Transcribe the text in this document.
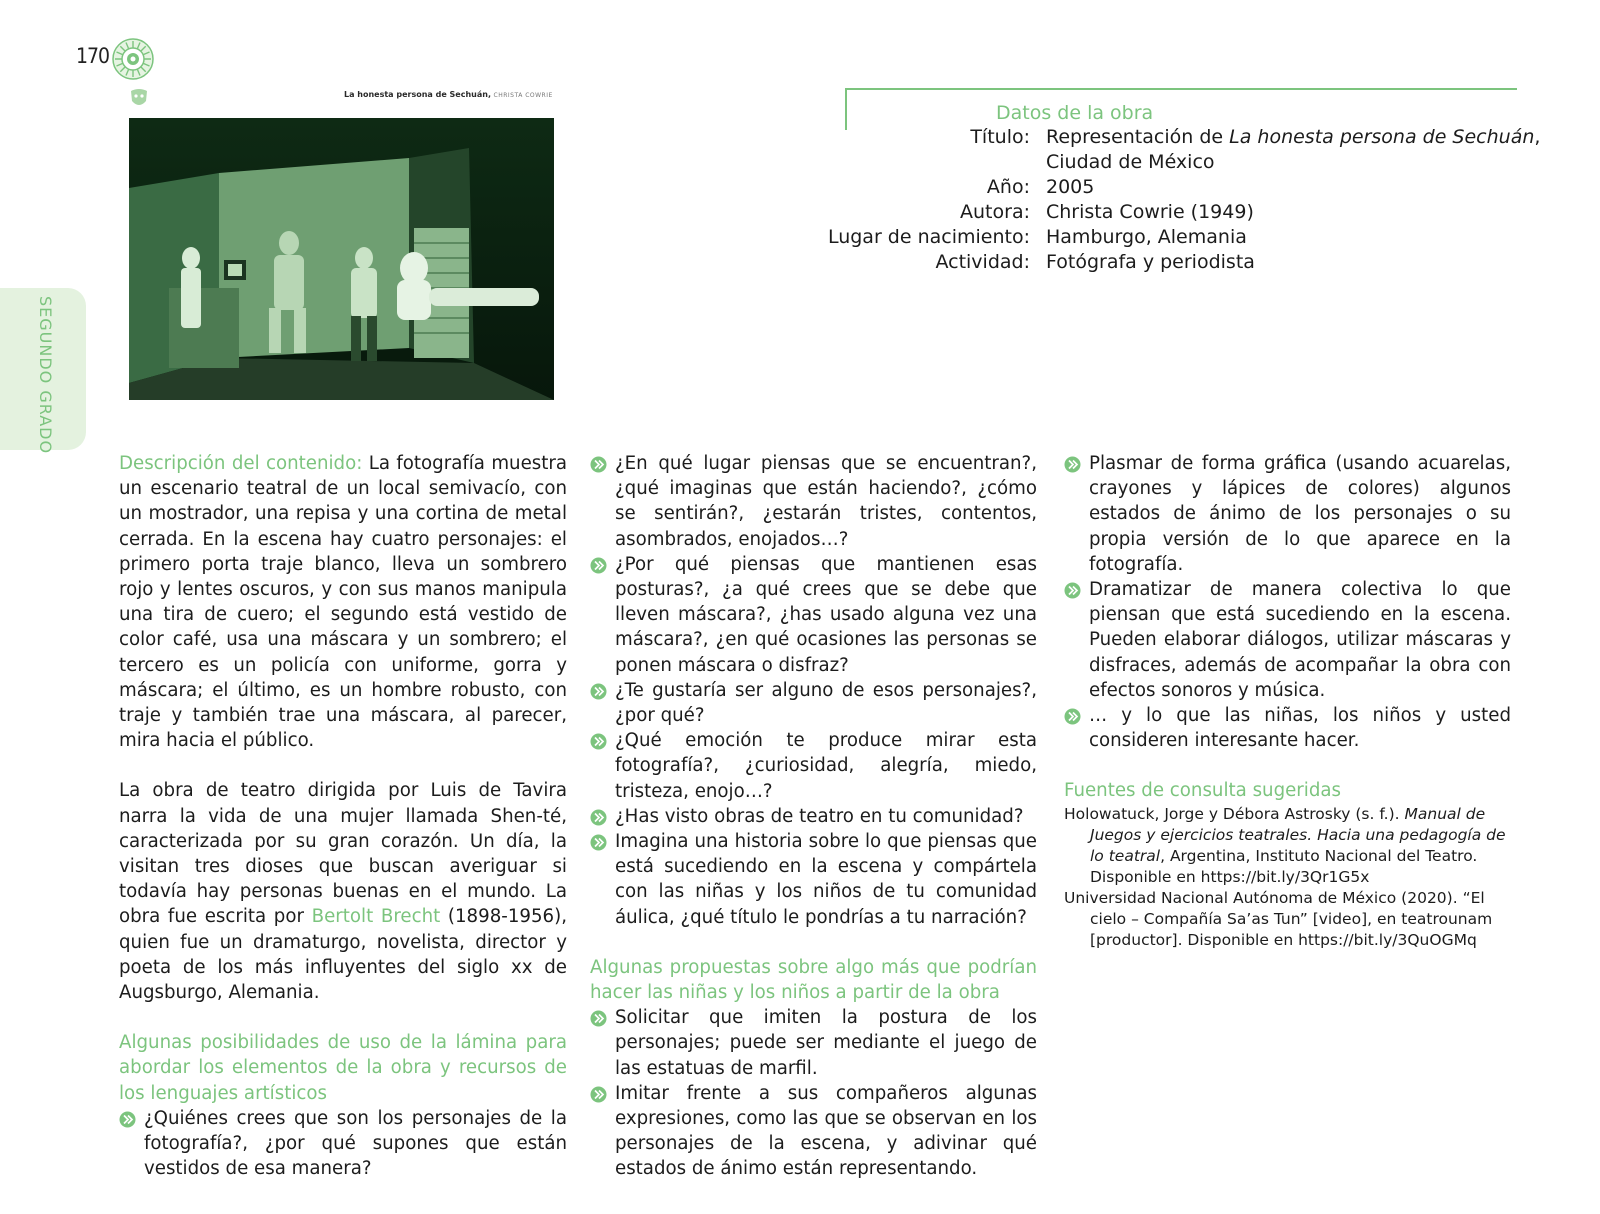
170
SEGUNDO GRADO
La honesta persona de Sechuán, CHRISTA COWRIE
Datos de la obra
Título: Representación de La honesta persona de Sechuán,
Ciudad de México
Año: 2005
Autora: Christa Cowrie (1949)
Lugar de nacimiento: Hamburgo, Alemania
Actividad: Fotógrafa y periodista

Descripción del contenido: La fotografía muestra un escenario teatral de un local semivacío, con un mostrador, una repisa y una cortina de metal cerrada. En la escena hay cuatro personajes: el primero porta traje blanco, lleva un sombrero rojo y lentes oscuros, y con sus manos manipula una tira de cuero; el segundo está vestido de color café, usa una máscara y un sombrero; el tercero es un policía con uniforme, gorra y máscara; el último, es un hombre robusto, con traje y también trae una máscara, al parecer, mira hacia el público.

La obra de teatro dirigida por Luis de Tavira narra la vida de una mujer llamada Shen-té, caracterizada por su gran corazón. Un día, la visitan tres dioses que buscan averiguar si todavía hay personas buenas en el mundo. La obra fue escrita por Bertolt Brecht (1898-1956), quien fue un dramaturgo, novelista, director y poeta de los más influyentes del siglo xx de Augsburgo, Alemania.

Algunas posibilidades de uso de la lámina para abordar los elementos de la obra y recursos de los lenguajes artísticos

¿Quiénes crees que son los personajes de la fotografía?, ¿por qué supones que están vestidos de esa manera?
¿En qué lugar piensas que se encuentran?, ¿qué imaginas que están haciendo?, ¿cómo se sentirán?, ¿estarán tristes, contentos, asombrados, enojados…?
¿Por qué piensas que mantienen esas posturas?, ¿a qué crees que se debe que lleven máscara?, ¿has usado alguna vez una máscara?, ¿en qué ocasiones las personas se ponen máscara o disfraz?
¿Te gustaría ser alguno de esos personajes?, ¿por qué?
¿Qué emoción te produce mirar esta fotografía?, ¿curiosidad, alegría, miedo, tristeza, enojo…?
¿Has visto obras de teatro en tu comunidad?
Imagina una historia sobre lo que piensas que está sucediendo en la escena y compártela con las niñas y los niños de tu comunidad áulica, ¿qué título le pondrías a tu narración?

Algunas propuestas sobre algo más que podrían hacer las niñas y los niños a partir de la obra

Solicitar que imiten la postura de los personajes; puede ser mediante el juego de las estatuas de marfil.
Imitar frente a sus compañeros algunas expresiones, como las que se observan en los personajes de la escena, y adivinar qué estados de ánimo están representando.
Plasmar de forma gráfica (usando acuarelas, crayones y lápices de colores) algunos estados de ánimo de los personajes o su propia versión de lo que aparece en la fotografía.
Dramatizar de manera colectiva lo que piensan que está sucediendo en la escena. Pueden elaborar diálogos, utilizar máscaras y disfraces, además de acompañar la obra con efectos sonoros y música.
… y lo que las niñas, los niños y usted consideren interesante hacer.

Fuentes de consulta sugeridas

Holowatuck, Jorge y Débora Astrosky (s. f.). Manual de Juegos y ejercicios teatrales. Hacia una pedagogía de lo teatral, Argentina, Instituto Nacional del Teatro. Disponible en https://bit.ly/3Qr1G5x

Universidad Nacional Autónoma de México (2020). “El cielo – Compañía Sa’as Tun” [video], en teatrounam [productor]. Disponible en https://bit.ly/3QuOGMq
